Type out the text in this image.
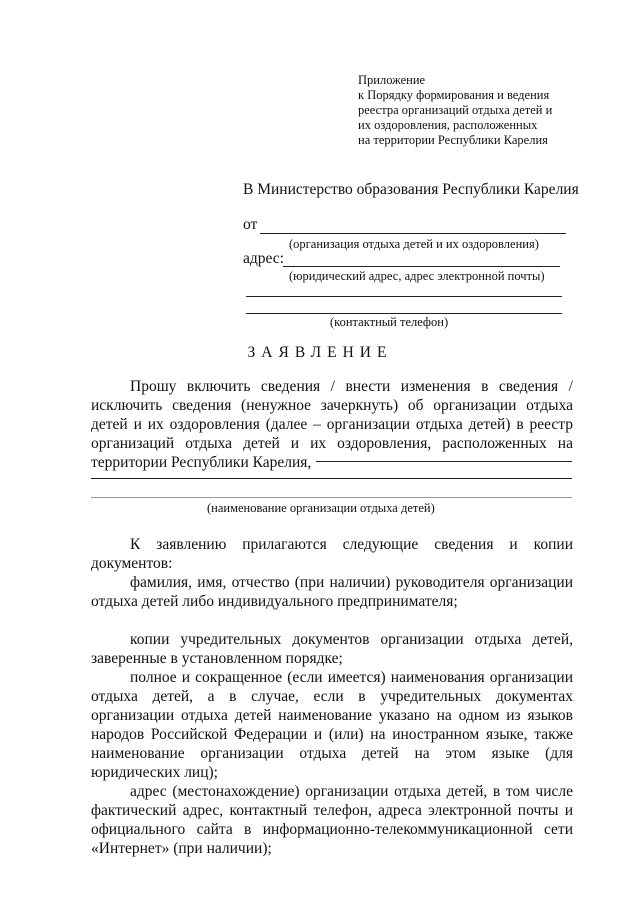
Приложение
к Порядку формирования и ведения
реестра организаций отдыха детей и
их оздоровления, расположенных
на территории Республики Карелия
В Министерство образования Республики Карелия
от
(организация отдыха детей и их оздоровления)
адрес:
(юридический адрес, адрес электронной почты)
(контактный телефон)
ЗАЯВЛЕНИЕ
Прошу включить сведения / внести изменения в сведения /
исключить сведения (ненужное зачеркнуть) об организации отдыха
детей и их оздоровления (далее – организации отдыха детей) в реестр
организаций отдыха детей и их оздоровления, расположенных на
территории Республики Карелия,
(наименование организации отдыха детей)

К заявлению прилагаются следующие сведения и копии документов:

фамилия, имя, отчество (при наличии) руководителя организации отдыха детей либо индивидуального предпринимателя;

копии учредительных документов организации отдыха детей, заверенные в установленном порядке;

полное и сокращенное (если имеется) наименования организации отдыха детей, а в случае, если в учредительных документах организации отдыха детей наименование указано на одном из языков народов Российской Федерации и (или) на иностранном языке, также наименование организации отдыха детей на этом языке (для юридических лиц);

адрес (местонахождение) организации отдыха детей, в том числе фактический адрес, контактный телефон, адреса электронной почты и официального сайта в информационно-телекоммуникационной сети «Интернет» (при наличии);
